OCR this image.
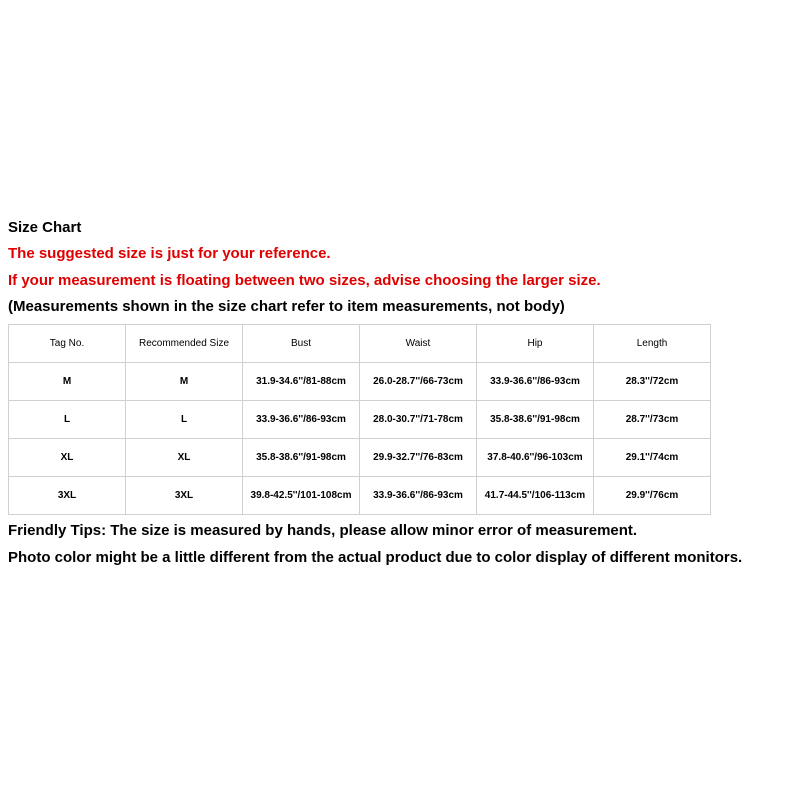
Size Chart
The suggested size is just for your reference.
If your measurement is floating between two sizes, advise choosing the larger size.
(Measurements shown in the size chart refer to item measurements, not body)
Tag No.	Recommended Size	Bust	Waist	Hip	Length
M	M	31.9-34.6''/81-88cm	26.0-28.7''/66-73cm	33.9-36.6''/86-93cm	28.3''/72cm
L	L	33.9-36.6''/86-93cm	28.0-30.7''/71-78cm	35.8-38.6''/91-98cm	28.7''/73cm
XL	XL	35.8-38.6''/91-98cm	29.9-32.7''/76-83cm	37.8-40.6''/96-103cm	29.1''/74cm
3XL	3XL	39.8-42.5''/101-108cm	33.9-36.6''/86-93cm	41.7-44.5''/106-113cm	29.9''/76cm
Friendly Tips: The size is measured by hands, please allow minor error of measurement.
Photo color might be a little different from the actual product due to color display of different monitors.
